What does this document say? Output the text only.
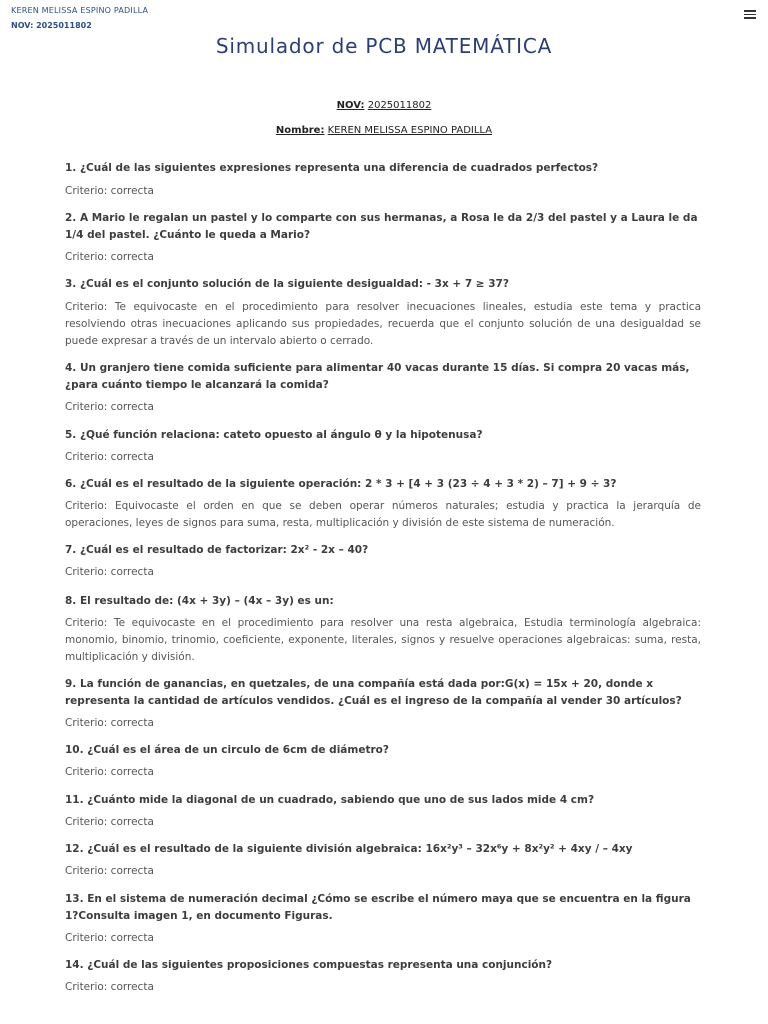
KEREN MELISSA ESPINO PADILLA
NOV: 2025011802
Simulador de PCB MATEMÁTICA
NOV: 2025011802
Nombre: KEREN MELISSA ESPINO PADILLA

1. ¿Cuál de las siguientes expresiones representa una diferencia de cuadrados perfectos?

Criterio: correcta

2. A Mario le regalan un pastel y lo comparte con sus hermanas, a Rosa le da 2/3 del pastel y a Laura le da 1/4 del pastel. ¿Cuánto le queda a Mario?

Criterio: correcta

3. ¿Cuál es el conjunto solución de la siguiente desigualdad: - 3x + 7 ≥ 37?

Criterio: Te equivocaste en el procedimiento para resolver inecuaciones lineales, estudia este tema y practica resolviendo otras inecuaciones aplicando sus propiedades, recuerda que el conjunto solución de una desigualdad se puede expresar a través de un intervalo abierto o cerrado.

4. Un granjero tiene comida suficiente para alimentar 40 vacas durante 15 días. Si compra 20 vacas más, ¿para cuánto tiempo le alcanzará la comida?

Criterio: correcta

5. ¿Qué función relaciona: cateto opuesto al ángulo θ y la hipotenusa?

Criterio: correcta

6. ¿Cuál es el resultado de la siguiente operación: 2 * 3 + [4 + 3 (23 ÷ 4 + 3 * 2) – 7] + 9 ÷ 3?

Criterio: Equivocaste el orden en que se deben operar números naturales; estudia y practica la jerarquía de operaciones, leyes de signos para suma, resta, multiplicación y división de este sistema de numeración.

7. ¿Cuál es el resultado de factorizar: 2x² - 2x – 40?

Criterio: correcta

8. El resultado de: (4x + 3y) – (4x – 3y) es un:

Criterio: Te equivocaste en el procedimiento para resolver una resta algebraica, Estudia terminología algebraica: monomio, binomio, trinomio, coeficiente, exponente, literales, signos y resuelve operaciones algebraicas: suma, resta, multiplicación y división.

9. La función de ganancias, en quetzales, de una compañía está dada por:G(x) = 15x + 20, donde x representa la cantidad de artículos vendidos. ¿Cuál es el ingreso de la compañía al vender 30 artículos?

Criterio: correcta

10. ¿Cuál es el área de un circulo de 6cm de diámetro?

Criterio: correcta

11. ¿Cuánto mide la diagonal de un cuadrado, sabiendo que uno de sus lados mide 4 cm?

Criterio: correcta

12. ¿Cuál es el resultado de la siguiente división algebraica: 16x²y³ – 32x⁶y + 8x²y² + 4xy / – 4xy

Criterio: correcta

13. En el sistema de numeración decimal ¿Cómo se escribe el número maya que se encuentra en la figura 1?Consulta imagen 1, en documento Figuras.

Criterio: correcta

14. ¿Cuál de las siguientes proposiciones compuestas representa una conjunción?

Criterio: correcta
